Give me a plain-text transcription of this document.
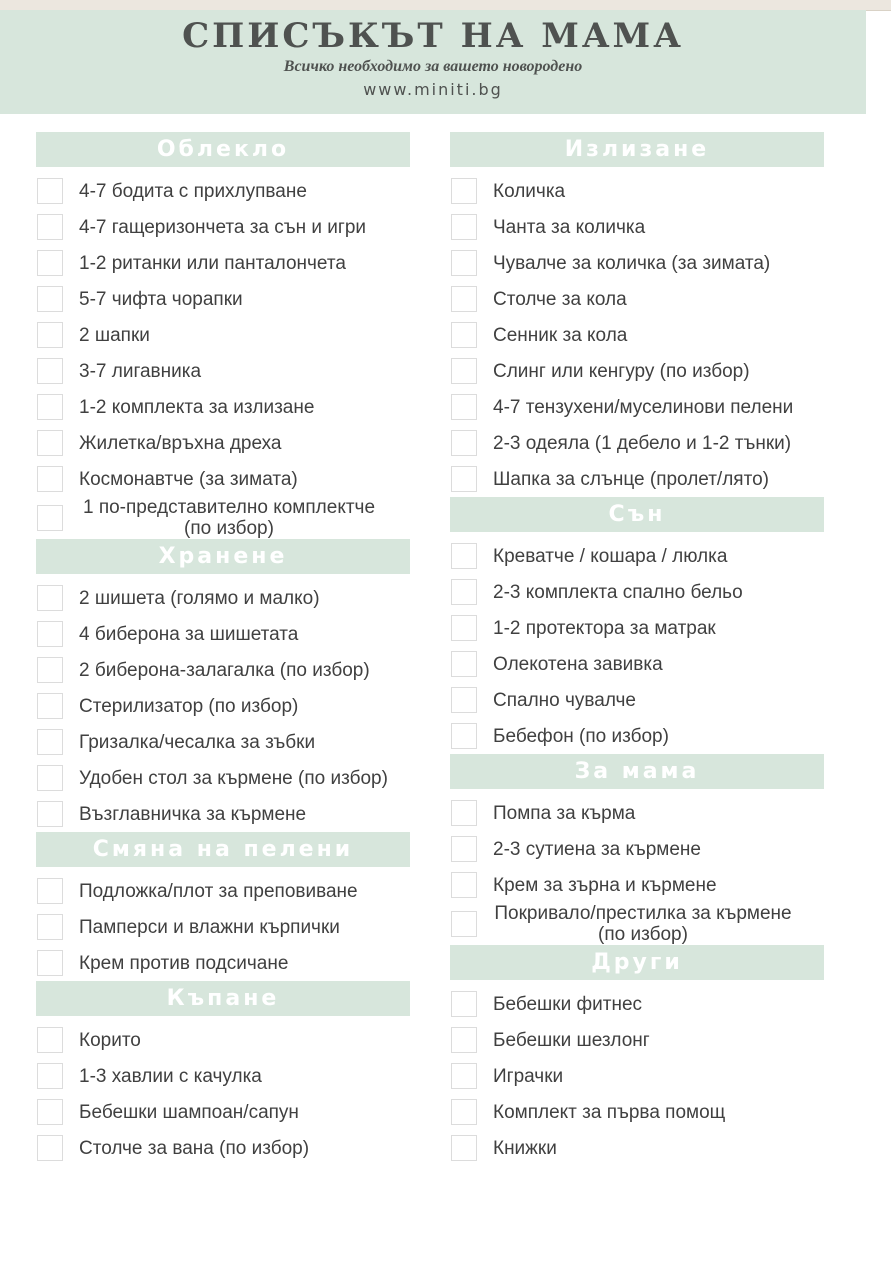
СПИСЪКЪТ НА МАМА
Всичко необходимо за вашето новородено
www.miniti.bg
Облекло
4-7 бодита с прихлупване
4-7 гащеризончета за сън и игри
1-2 ританки или панталончета
5-7 чифта чорапки
2 шапки
3-7 лигавника
1-2 комплекта за излизане
Жилетка/връхна дреха
Космонавтче (за зимата)
1 по-представително комплектче (по избор)
Хранене
2 шишета (голямо и малко)
4 биберона за шишетата
2 биберона-залагалка (по избор)
Стерилизатор (по избор)
Гризалка/чесалка за зъбки
Удобен стол за кърмене (по избор)
Възглавничка за кърмене
Смяна на пелени
Подложка/плот за преповиване
Памперси и влажни кърпички
Крем против подсичане
Къпане
Корито
1-3 хавлии с качулка
Бебешки шампоан/сапун
Столче за вана (по избор)
Излизане
Количка
Чанта за количка
Чувалче за количка (за зимата)
Столче за кола
Сенник за кола
Слинг или кенгуру (по избор)
4-7 тензухени/муселинови пелени
2-3 одеяла (1 дебело и 1-2 тънки)
Шапка за слънце (пролет/лято)
Сън
Креватче / кошара / люлка
2-3 комплекта спално бельо
1-2 протектора за матрак
Олекотена завивка
Спално чувалче
Бебефон (по избор)
За мама
Помпа за кърма
2-3 сутиена за кърмене
Крем за зърна и кърмене
Покривало/престилка за кърмене (по избор)
Други
Бебешки фитнес
Бебешки шезлонг
Играчки
Комплект за първа помощ
Книжки
